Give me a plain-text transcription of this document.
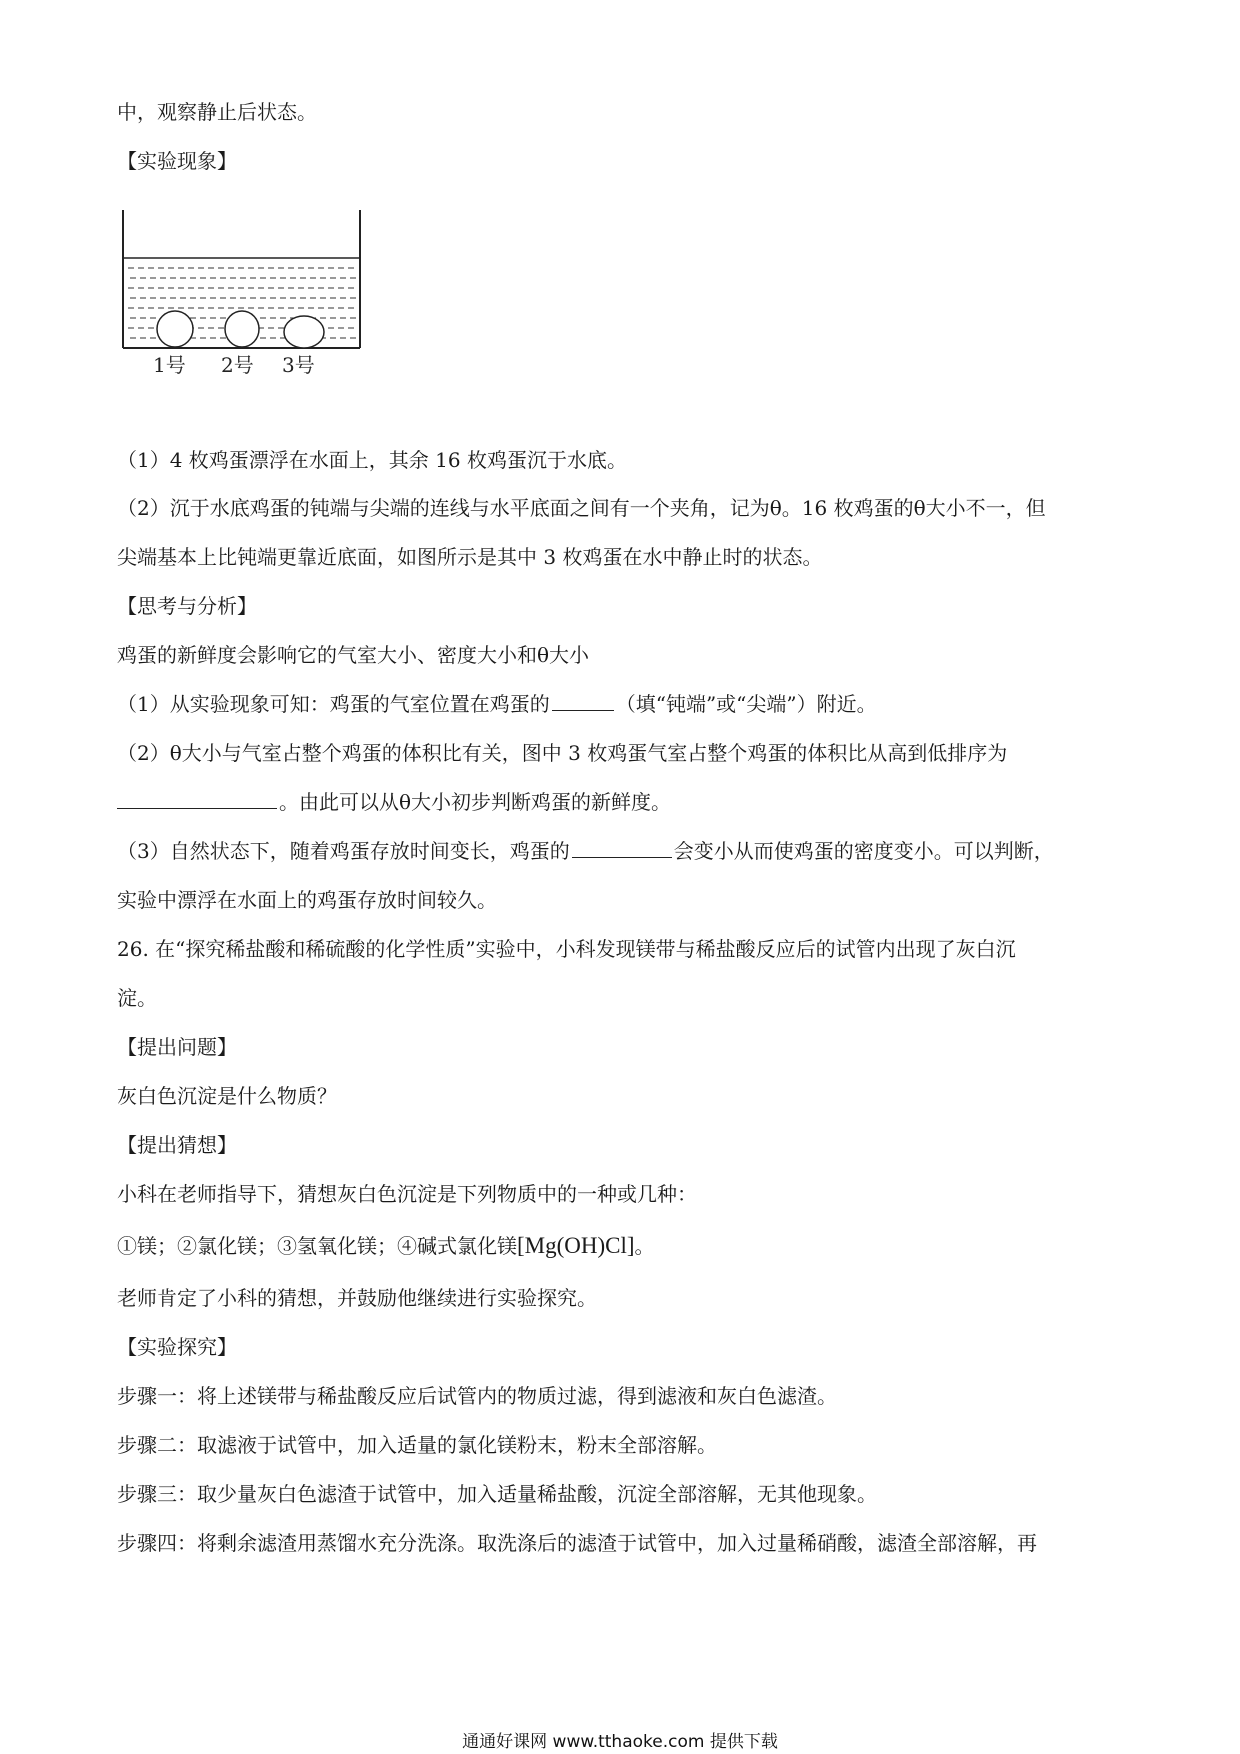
中，观察静止后状态。
【实验现象】
1号 2号 3号
（1）4 枚鸡蛋漂浮在水面上，其余 16 枚鸡蛋沉于水底。
（2）沉于水底鸡蛋的钝端与尖端的连线与水平底面之间有一个夹角，记为θ。16 枚鸡蛋的θ大小不一，但
尖端基本上比钝端更靠近底面，如图所示是其中 3 枚鸡蛋在水中静止时的状态。
【思考与分析】
鸡蛋的新鲜度会影响它的气室大小、密度大小和θ大小
（1）从实验现象可知：鸡蛋的气室位置在鸡蛋的	（填“钝端”或“尖端”）附近。
（2）θ大小与气室占整个鸡蛋的体积比有关，图中 3 枚鸡蛋气室占整个鸡蛋的体积比从高到低排序为
。由此可以从θ大小初步判断鸡蛋的新鲜度。
（3）自然状态下，随着鸡蛋存放时间变长，鸡蛋的	会变小从而使鸡蛋的密度变小。可以判断，
实验中漂浮在水面上的鸡蛋存放时间较久。
26. 在“探究稀盐酸和稀硫酸的化学性质”实验中，小科发现镁带与稀盐酸反应后的试管内出现了灰白沉
淀。
【提出问题】
灰白色沉淀是什么物质？
【提出猜想】
小科在老师指导下，猜想灰白色沉淀是下列物质中的一种或几种：
①镁；②氯化镁；③氢氧化镁；④碱式氯化镁[Mg(OH)Cl]。
老师肯定了小科的猜想，并鼓励他继续进行实验探究。
【实验探究】
步骤一：将上述镁带与稀盐酸反应后试管内的物质过滤，得到滤液和灰白色滤渣。
步骤二：取滤液于试管中，加入适量的氯化镁粉末，粉末全部溶解。
步骤三：取少量灰白色滤渣于试管中，加入适量稀盐酸，沉淀全部溶解，无其他现象。
步骤四：将剩余滤渣用蒸馏水充分洗涤。取洗涤后的滤渣于试管中，加入过量稀硝酸，滤渣全部溶解，再
通通好课网 www.tthaoke.com 提供下载
